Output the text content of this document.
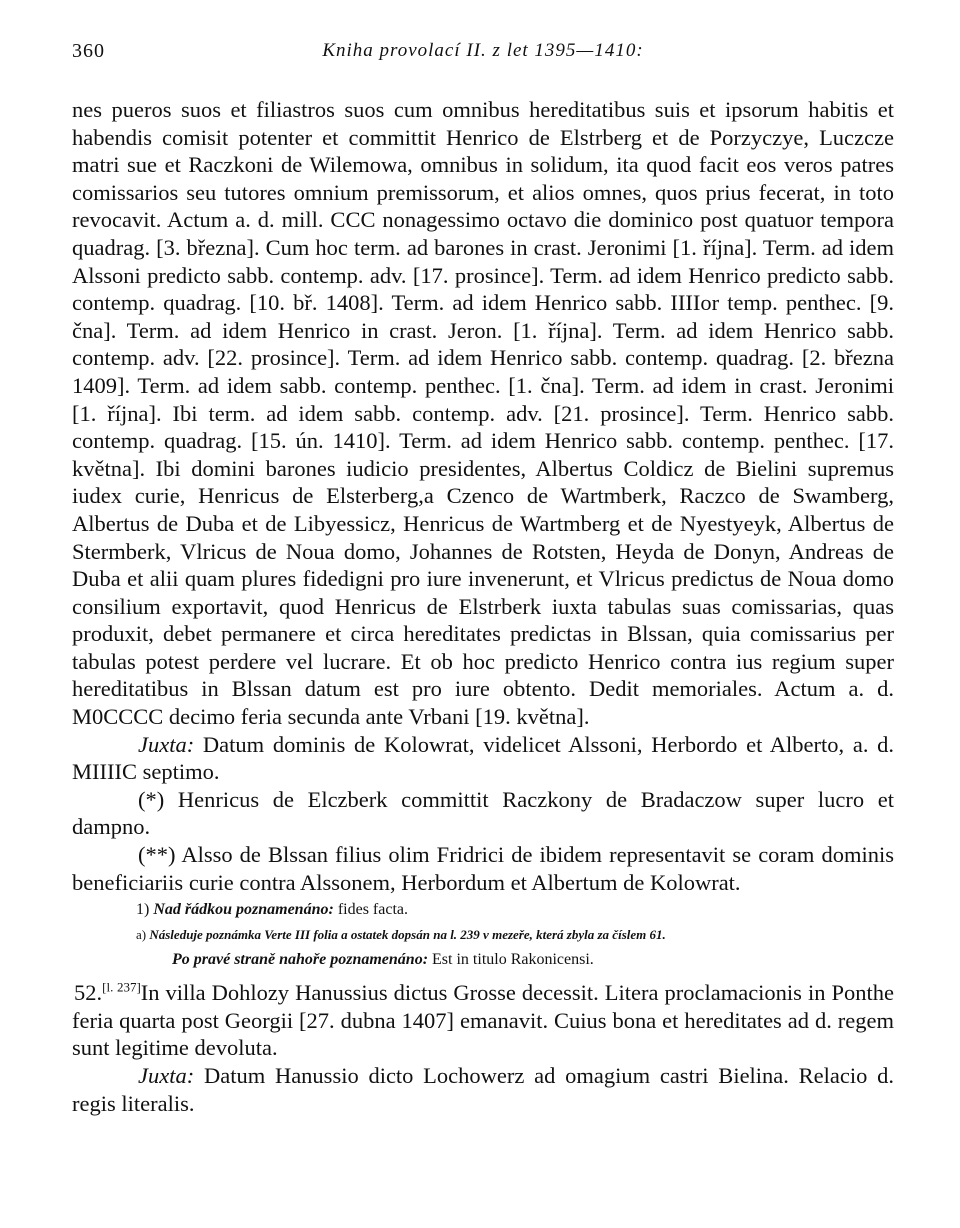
360	Kniha provolací II. z let 1395—1410:

nes pueros suos et filiastros suos cum omnibus hereditatibus suis et ipsorum habitis et habendis comisit potenter et committit Henrico de Elstrberg et de Porzyczye, Luczcze matri sue et Raczkoni de Wilemowa, omnibus in solidum, ita quod facit eos veros patres comissarios seu tutores omnium premissorum, et alios omnes, quos prius fecerat, in toto revocavit. Actum a. d. mill. CCC nonagessimo octavo die dominico post quatuor tempora quadrag. [3. března]. Cum hoc term. ad barones in crast. Jeronimi [1. října]. Term. ad idem Alssoni predicto sabb. contemp. adv. [17. prosince]. Term. ad idem Henrico predicto sabb. contemp. quadrag. [10. bř. 1408]. Term. ad idem Henrico sabb. IIIIor temp. penthec. [9. čna]. Term. ad idem Henrico in crast. Jeron. [1. října]. Term. ad idem Henrico sabb. contemp. adv. [22. prosince]. Term. ad idem Henrico sabb. contemp. quadrag. [2. března 1409]. Term. ad idem sabb. contemp. penthec. [1. čna]. Term. ad idem in crast. Jeronimi [1. října]. Ibi term. ad idem sabb. contemp. adv. [21. prosince]. Term. Henrico sabb. contemp. quadrag. [15. ún. 1410]. Term. ad idem Henrico sabb. contemp. penthec. [17. května]. Ibi domini barones iudicio presidentes, Albertus Coldicz de Bielini supremus iudex curie, Henricus de Elsterberg,a Czenco de Wartmberk, Raczco de Swamberg, Albertus de Duba et de Libyessicz, Henricus de Wartmberg et de Nyestyeyk, Albertus de Stermberk, Vlricus de Noua domo, Johannes de Rotsten, Heyda de Donyn, Andreas de Duba et alii quam plures fidedigni pro iure invenerunt, et Vlricus predictus de Noua domo consilium exportavit, quod Henricus de Elstrberk iuxta tabulas suas comissarias, quas produxit, debet permanere et circa hereditates predictas in Blssan, quia comissarius per tabulas potest perdere vel lucrare. Et ob hoc predicto Henrico contra ius regium super hereditatibus in Blssan datum est pro iure obtento. Dedit memoriales. Actum a. d. M0CCCC decimo feria secunda ante Vrbani [19. května].

Juxta: Datum dominis de Kolowrat, videlicet Alssoni, Herbordo et Alberto, a. d. MIIIIC septimo.

(*) Henricus de Elczberk committit Raczkony de Bradaczow super lucro et dampno.

(**) Alsso de Blssan filius olim Fridrici de ibidem representavit se coram dominis beneficiariis curie contra Alssonem, Herbordum et Albertum de Kolowrat.

1) Nad řádkou poznamenáno: fides facta.
a) Následuje poznámka Verte III folia a ostatek dopsán na l. 239 v mezeře, která zbyla za číslem 61.
Po pravé straně nahoře poznamenáno: Est in titulo Rakonicensi.

52.[l. 237]In villa Dohlozy Hanussius dictus Grosse decessit. Litera proclamacionis in Ponthe feria quarta post Georgii [27. dubna 1407] emanavit. Cuius bona et hereditates ad d. regem sunt legitime devoluta.

Juxta: Datum Hanussio dicto Lochowerz ad omagium castri Bielina. Relacio d. regis literalis.
